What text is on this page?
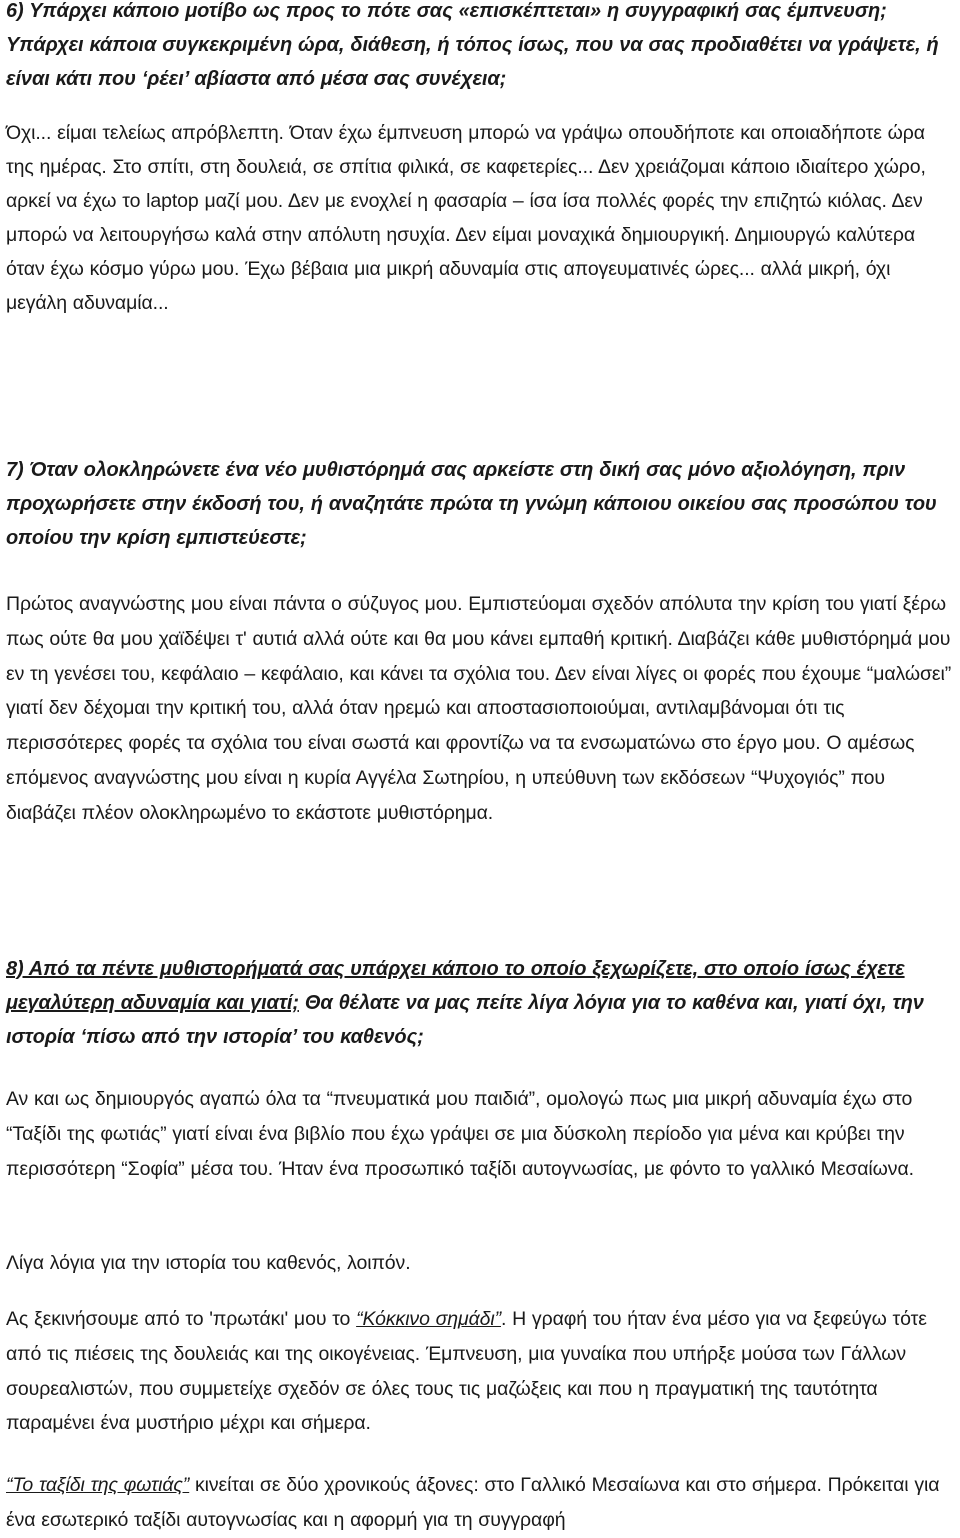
6) Υπάρχει κάποιο μοτίβο ως προς το πότε σας «επισκέπτεται» η συγγραφική σας έμπνευση; Υπάρχει κάποια συγκεκριμένη ώρα, διάθεση, ή τόπος ίσως, που να σας προδιαθέτει να γράψετε, ή είναι κάτι που ‘ρέει’ αβίαστα από μέσα σας συνέχεια;

Όχι... είμαι τελείως απρόβλεπτη. Όταν έχω έμπνευση μπορώ να γράψω οπουδήποτε και οποιαδήποτε ώρα της ημέρας. Στο σπίτι, στη δουλειά, σε σπίτια φιλικά, σε καφετερίες... Δεν χρειάζομαι κάποιο ιδιαίτερο χώρο, αρκεί να έχω το laptop μαζί μου. Δεν με ενοχλεί η φασαρία – ίσα ίσα πολλές φορές την επιζητώ κιόλας. Δεν μπορώ να λειτουργήσω καλά στην απόλυτη ησυχία. Δεν είμαι μοναχικά δημιουργική. Δημιουργώ καλύτερα όταν έχω κόσμο γύρω μου. Έχω βέβαια μια μικρή αδυναμία στις απογευματινές ώρες... αλλά μικρή, όχι μεγάλη αδυναμία...

7) Όταν ολοκληρώνετε ένα νέο μυθιστόρημά σας αρκείστε στη δική σας μόνο αξιολόγηση, πριν προχωρήσετε στην έκδοσή του, ή αναζητάτε πρώτα τη γνώμη κάποιου οικείου σας προσώπου του οποίου την κρίση εμπιστεύεστε;

Πρώτος αναγνώστης μου είναι πάντα ο σύζυγος μου. Εμπιστεύομαι σχεδόν απόλυτα την κρίση του γιατί ξέρω πως ούτε θα μου χαϊδέψει τ' αυτιά αλλά ούτε και θα μου κάνει εμπαθή κριτική. Διαβάζει κάθε μυθιστόρημά μου εν τη γενέσει του, κεφάλαιο – κεφάλαιο, και κάνει τα σχόλια του. Δεν είναι λίγες οι φορές που έχουμε “μαλώσει” γιατί δεν δέχομαι την κριτική του, αλλά όταν ηρεμώ και αποστασιοποιούμαι, αντιλαμβάνομαι ότι τις περισσότερες φορές τα σχόλια του είναι σωστά και φροντίζω να τα ενσωματώνω στο έργο μου. Ο αμέσως επόμενος αναγνώστης μου είναι η κυρία Αγγέλα Σωτηρίου, η υπεύθυνη των εκδόσεων “Ψυχογιός” που διαβάζει πλέον ολοκληρωμένο το εκάστοτε μυθιστόρημα.

8) Από τα πέντε μυθιστορήματά σας υπάρχει κάποιο το οποίο ξεχωρίζετε, στο οποίο ίσως έχετε μεγαλύτερη αδυναμία και γιατί; Θα θέλατε να μας πείτε λίγα λόγια για το καθένα και, γιατί όχι, την ιστορία ‘πίσω από την ιστορία’ του καθενός;

Αν και ως δημιουργός αγαπώ όλα τα “πνευματικά μου παιδιά”, ομολογώ πως μια μικρή αδυναμία έχω στο “Ταξίδι της φωτιάς” γιατί είναι ένα βιβλίο που έχω γράψει σε μια δύσκολη περίοδο για μένα και κρύβει την περισσότερη “Σοφία” μέσα του. Ήταν ένα προσωπικό ταξίδι αυτογνωσίας, με φόντο το γαλλικό Μεσαίωνα.

Λίγα λόγια για την ιστορία του καθενός, λοιπόν.

Ας ξεκινήσουμε από το 'πρωτάκι' μου το “Κόκκινο σημάδι”. Η γραφή του ήταν ένα μέσο για να ξεφεύγω τότε από τις πιέσεις της δουλειάς και της οικογένειας. Έμπνευση, μια γυναίκα που υπήρξε μούσα των Γάλλων σουρεαλιστών, που συμμετείχε σχεδόν σε όλες τους τις μαζώξεις και που η πραγματική της ταυτότητα παραμένει ένα μυστήριο μέχρι και σήμερα.

“Το ταξίδι της φωτιάς” κινείται σε δύο χρονικούς άξονες: στο Γαλλικό Μεσαίωνα και στο σήμερα. Πρόκειται για ένα εσωτερικό ταξίδι αυτογνωσίας και η αφορμή για τη συγγραφή
